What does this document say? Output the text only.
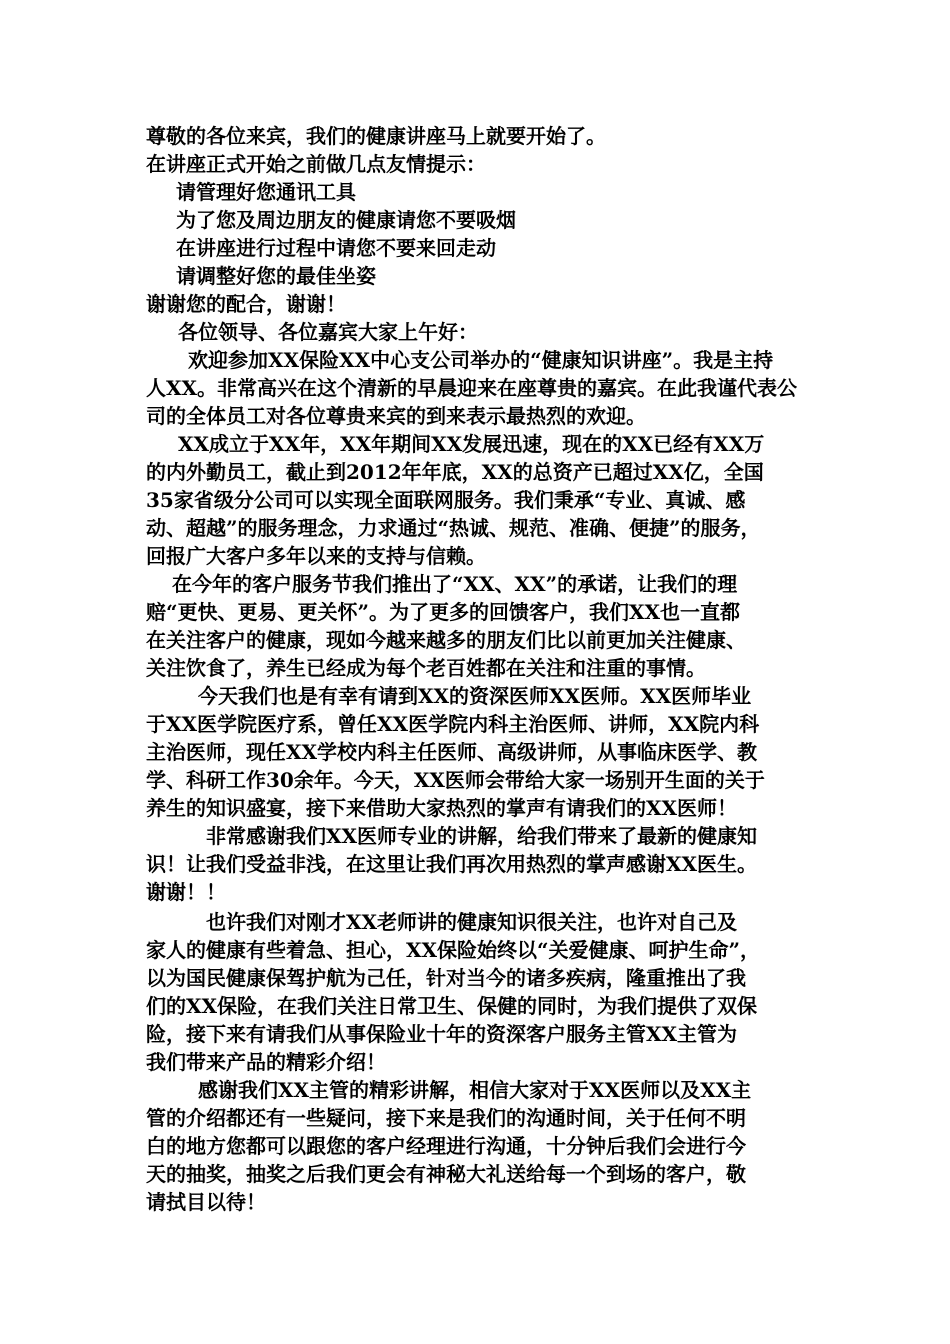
尊敬的各位来宾，我们的健康讲座马上就要开始了。
在讲座正式开始之前做几点友情提示：
请管理好您通讯工具
为了您及周边朋友的健康请您不要吸烟
在讲座进行过程中请您不要来回走动
请调整好您的最佳坐姿
谢谢您的配合，谢谢！
各位领导、各位嘉宾大家上午好：
欢迎参加XX保险XX中心支公司举办的“健康知识讲座”。我是主持
人XX。非常高兴在这个清新的早晨迎来在座尊贵的嘉宾。在此我谨代表公
司的全体员工对各位尊贵来宾的到来表示最热烈的欢迎。
XX成立于XX年，XX年期间XX发展迅速，现在的XX已经有XX万
的内外勤员工，截止到2012年年底，XX的总资产已超过XX亿，全国
35家省级分公司可以实现全面联网服务。我们秉承“专业、真诚、感
动、超越”的服务理念，力求通过“热诚、规范、准确、便捷”的服务，
回报广大客户多年以来的支持与信赖。
在今年的客户服务节我们推出了“XX、XX”的承诺，让我们的理
赔“更快、更易、更关怀”。为了更多的回馈客户，我们XX也一直都
在关注客户的健康，现如今越来越多的朋友们比以前更加关注健康、
关注饮食了，养生已经成为每个老百姓都在关注和注重的事情。
今天我们也是有幸有请到XX的资深医师XX医师。XX医师毕业
于XX医学院医疗系，曾任XX医学院内科主治医师、讲师，XX院内科
主治医师，现任XX学校内科主任医师、高级讲师，从事临床医学、教
学、科研工作30余年。今天，XX医师会带给大家一场别开生面的关于
养生的知识盛宴，接下来借助大家热烈的掌声有请我们的XX医师！
非常感谢我们XX医师专业的讲解，给我们带来了最新的健康知
识！让我们受益非浅，在这里让我们再次用热烈的掌声感谢XX医生。
谢谢！！
也许我们对刚才XX老师讲的健康知识很关注，也许对自己及
家人的健康有些着急、担心，XX保险始终以“关爱健康、呵护生命”，
以为国民健康保驾护航为己任，针对当今的诸多疾病，隆重推出了我
们的XX保险，在我们关注日常卫生、保健的同时，为我们提供了双保
险，接下来有请我们从事保险业十年的资深客户服务主管XX主管为
我们带来产品的精彩介绍！
感谢我们XX主管的精彩讲解，相信大家对于XX医师以及XX主
管的介绍都还有一些疑问，接下来是我们的沟通时间，关于任何不明
白的地方您都可以跟您的客户经理进行沟通，十分钟后我们会进行今
天的抽奖，抽奖之后我们更会有神秘大礼送给每一个到场的客户，敬
请拭目以待！
